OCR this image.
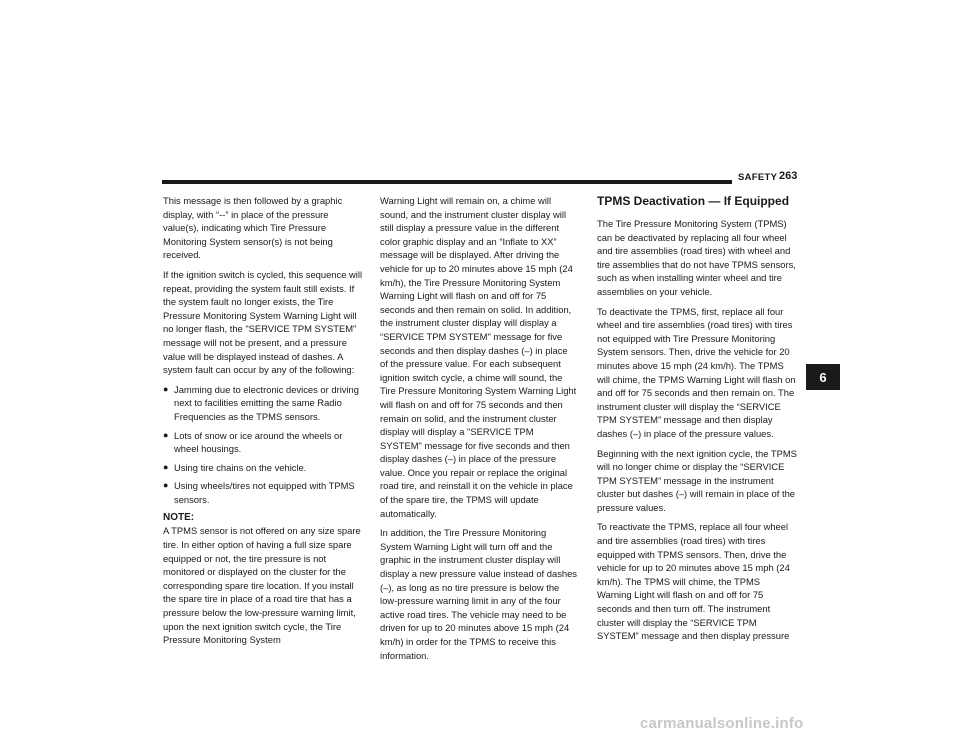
SAFETY 263

This message is then followed by a graphic display, with “--” in place of the pressure value(s), indicating which Tire Pressure Monitoring System sensor(s) is not being received.

If the ignition switch is cycled, this sequence will repeat, providing the system fault still exists. If the system fault no longer exists, the Tire Pressure Monitoring System Warning Light will no longer flash, the "SERVICE TPM SYSTEM" message will not be present, and a pressure value will be displayed instead of dashes. A system fault can occur by any of the following:

● Jamming due to electronic devices or driving next to facilities emitting the same Radio Frequencies as the TPMS sensors.
● Lots of snow or ice around the wheels or wheel housings.
● Using tire chains on the vehicle.
● Using wheels/tires not equipped with TPMS sensors.
NOTE:

A TPMS sensor is not offered on any size spare tire. In either option of having a full size spare equipped or not, the tire pressure is not monitored or displayed on the cluster for the corresponding spare tire location. If you install the spare tire in place of a road tire that has a pressure below the low-pressure warning limit, upon the next ignition switch cycle, the Tire Pressure Monitoring System

Warning Light will remain on, a chime will sound, and the instrument cluster display will still display a pressure value in the different color graphic display and an “Inflate to XX” message will be displayed. After driving the vehicle for up to 20 minutes above 15 mph (24 km/h), the Tire Pressure Monitoring System Warning Light will flash on and off for 75 seconds and then remain on solid. In addition, the instrument cluster display will display a “SERVICE TPM SYSTEM" message for five seconds and then display dashes (–) in place of the pressure value. For each subsequent ignition switch cycle, a chime will sound, the Tire Pressure Monitoring System Warning Light will flash on and off for 75 seconds and then remain on solid, and the instrument cluster display will display a "SERVICE TPM SYSTEM" message for five seconds and then display dashes (–) in place of the pressure value. Once you repair or replace the original road tire, and reinstall it on the vehicle in place of the spare tire, the TPMS will update automatically.

In addition, the Tire Pressure Monitoring System Warning Light will turn off and the graphic in the instrument cluster display will display a new pressure value instead of dashes (–), as long as no tire pressure is below the low-pressure warning limit in any of the four active road tires. The vehicle may need to be driven for up to 20 minutes above 15 mph (24 km/h) in order for the TPMS to receive this information.

TPMS Deactivation — If Equipped

The Tire Pressure Monitoring System (TPMS) can be deactivated by replacing all four wheel and tire assemblies (road tires) with wheel and tire assemblies that do not have TPMS sensors, such as when installing winter wheel and tire assemblies on your vehicle.

To deactivate the TPMS, first, replace all four wheel and tire assemblies (road tires) with tires not equipped with Tire Pressure Monitoring System sensors. Then, drive the vehicle for 20 minutes above 15 mph (24 km/h). The TPMS will chime, the TPMS Warning Light will flash on and off for 75 seconds and then remain on. The instrument cluster will display the “SERVICE TPM SYSTEM” message and then display dashes (–) in place of the pressure values.

Beginning with the next ignition cycle, the TPMS will no longer chime or display the “SERVICE TPM SYSTEM” message in the instrument cluster but dashes (–) will remain in place of the pressure values.

To reactivate the TPMS, replace all four wheel and tire assemblies (road tires) with tires equipped with TPMS sensors. Then, drive the vehicle for up to 20 minutes above 15 mph (24 km/h). The TPMS will chime, the TPMS Warning Light will flash on and off for 75 seconds and then turn off. The instrument cluster will display the “SERVICE TPM SYSTEM” message and then display pressure

6
carmanualsonline.info
